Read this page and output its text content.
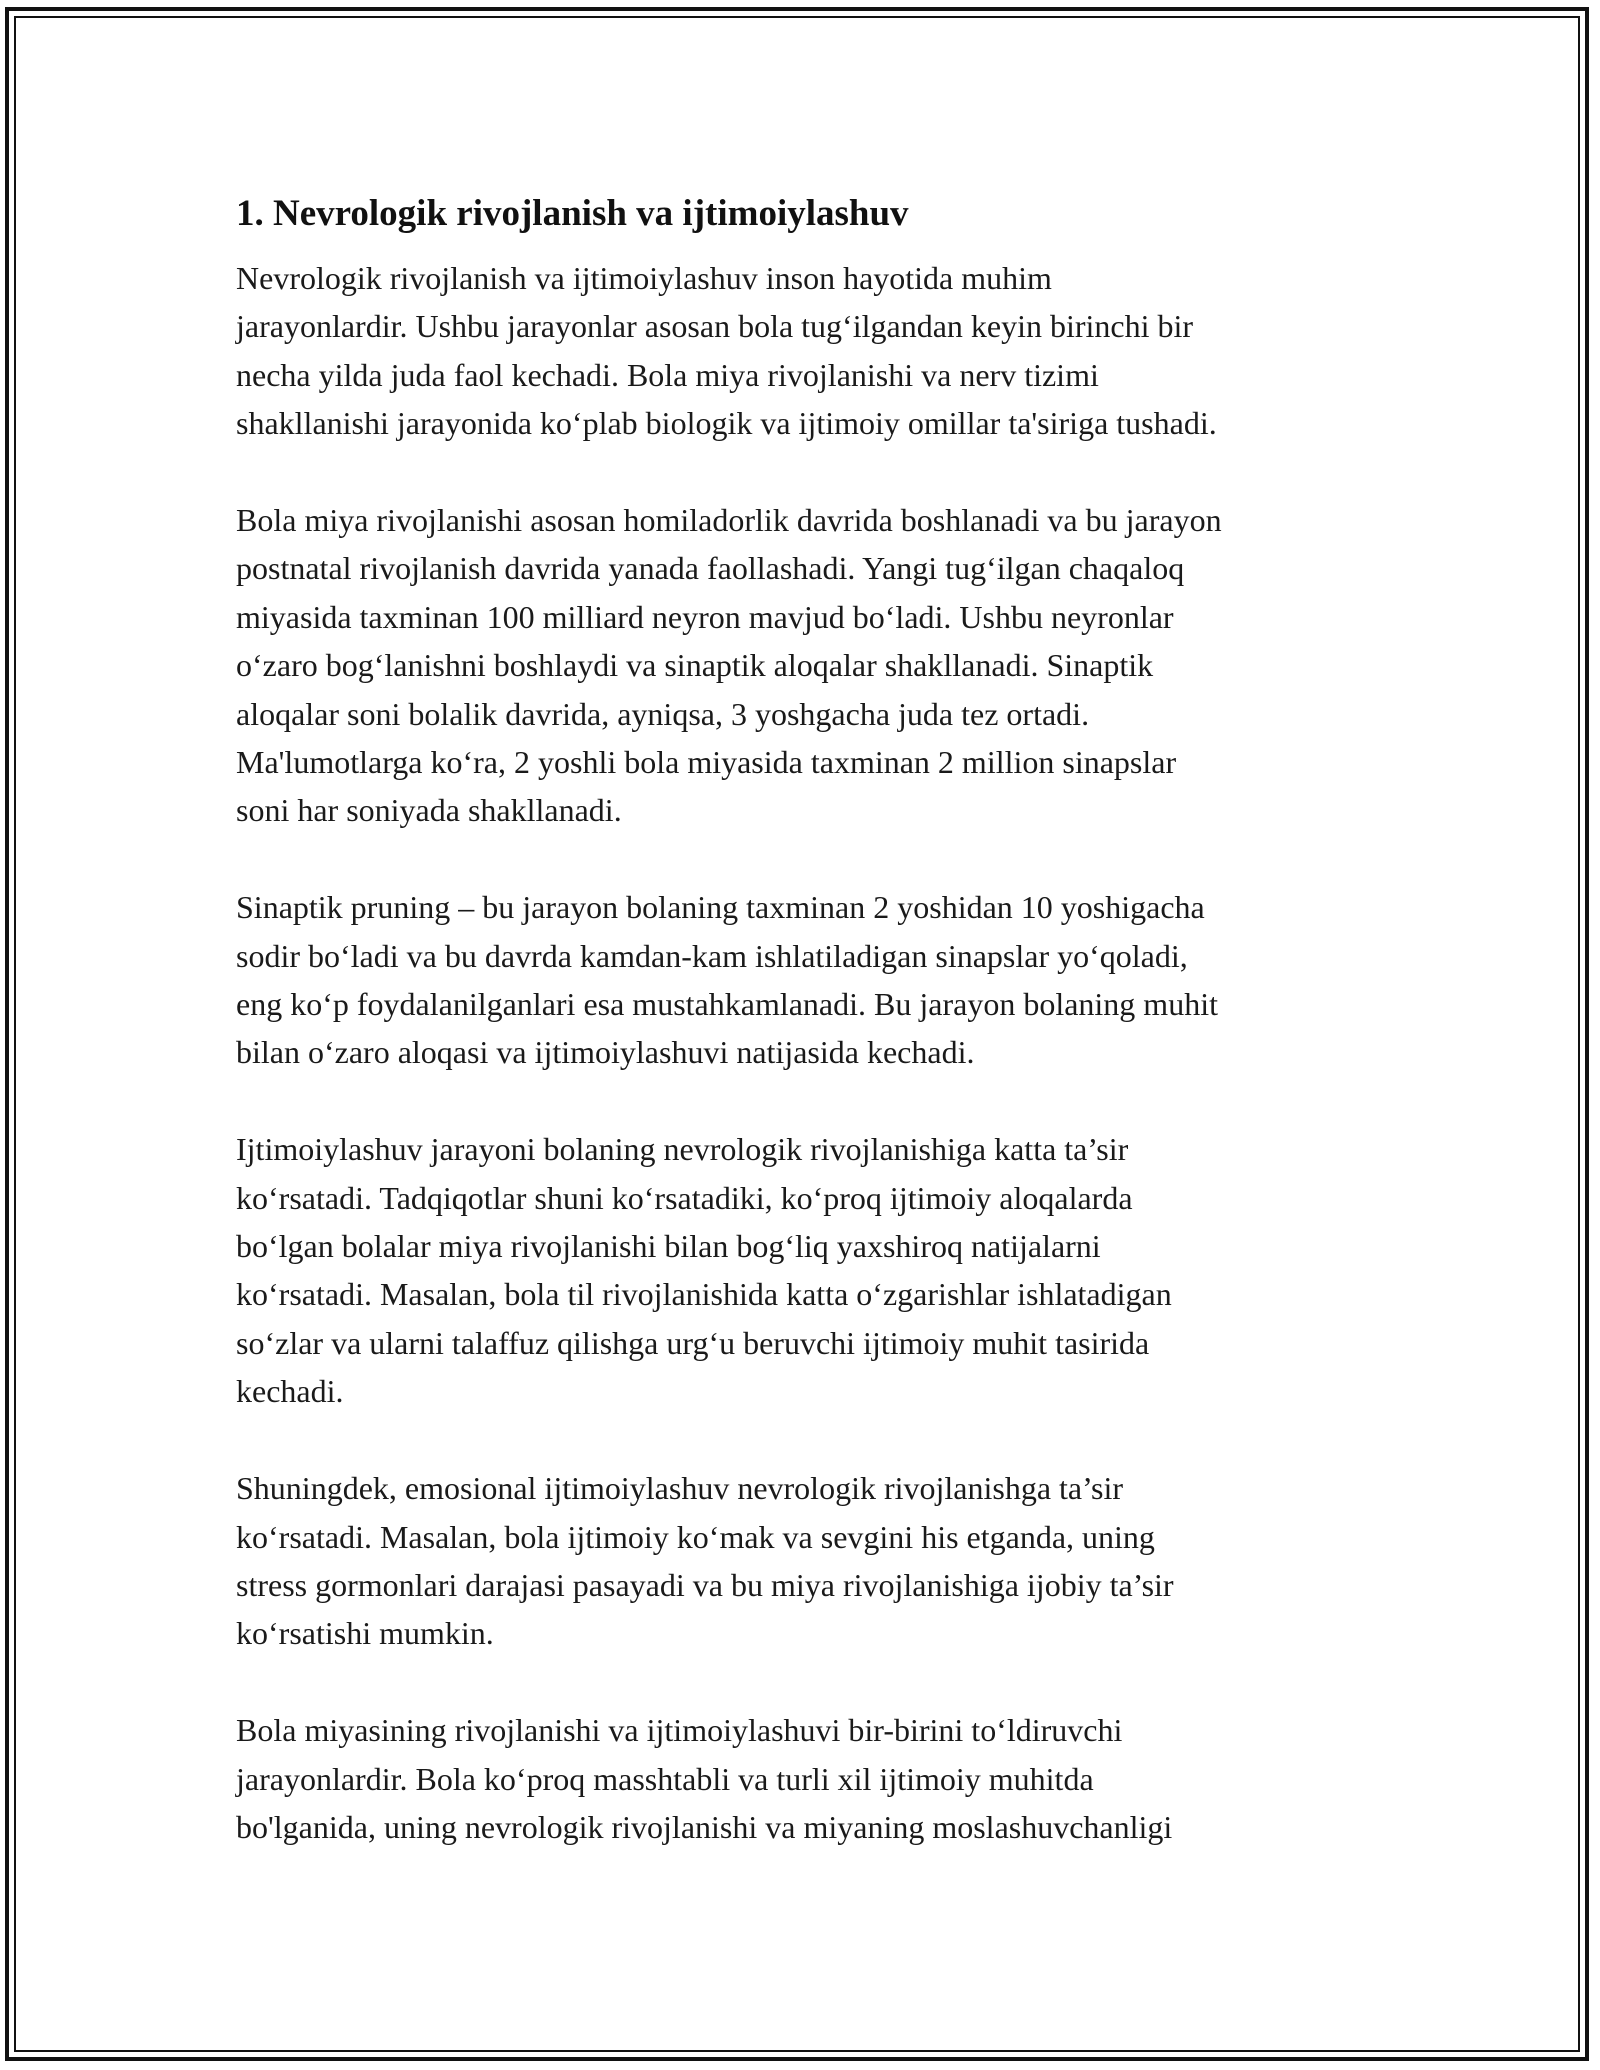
1. Nevrologik rivojlanish va ijtimoiylashuv

Nevrologik rivojlanish va ijtimoiylashuv inson hayotida muhim
jarayonlardir. Ushbu jarayonlar asosan bola tug‘ilgandan keyin birinchi bir
necha yilda juda faol kechadi. Bola miya rivojlanishi va nerv tizimi
shakllanishi jarayonida ko‘plab biologik va ijtimoiy omillar ta'siriga tushadi.

Bola miya rivojlanishi asosan homiladorlik davrida boshlanadi va bu jarayon
postnatal rivojlanish davrida yanada faollashadi. Yangi tug‘ilgan chaqaloq
miyasida taxminan 100 milliard neyron mavjud bo‘ladi. Ushbu neyronlar
o‘zaro bog‘lanishni boshlaydi va sinaptik aloqalar shakllanadi. Sinaptik
aloqalar soni bolalik davrida, ayniqsa, 3 yoshgacha juda tez ortadi.
Ma'lumotlarga ko‘ra, 2 yoshli bola miyasida taxminan 2 million sinapslar
soni har soniyada shakllanadi.

Sinaptik pruning – bu jarayon bolaning taxminan 2 yoshidan 10 yoshigacha
sodir bo‘ladi va bu davrda kamdan-kam ishlatiladigan sinapslar yo‘qoladi,
eng ko‘p foydalanilganlari esa mustahkamlanadi. Bu jarayon bolaning muhit
bilan o‘zaro aloqasi va ijtimoiylashuvi natijasida kechadi.

Ijtimoiylashuv jarayoni bolaning nevrologik rivojlanishiga katta ta’sir
ko‘rsatadi. Tadqiqotlar shuni ko‘rsatadiki, ko‘proq ijtimoiy aloqalarda
bo‘lgan bolalar miya rivojlanishi bilan bog‘liq yaxshiroq natijalarni
ko‘rsatadi. Masalan, bola til rivojlanishida katta o‘zgarishlar ishlatadigan
so‘zlar va ularni talaffuz qilishga urg‘u beruvchi ijtimoiy muhit tasirida
kechadi.

Shuningdek, emosional ijtimoiylashuv nevrologik rivojlanishga ta’sir
ko‘rsatadi. Masalan, bola ijtimoiy ko‘mak va sevgini his etganda, uning
stress gormonlari darajasi pasayadi va bu miya rivojlanishiga ijobiy ta’sir
ko‘rsatishi mumkin.

Bola miyasining rivojlanishi va ijtimoiylashuvi bir-birini to‘ldiruvchi
jarayonlardir. Bola ko‘proq masshtabli va turli xil ijtimoiy muhitda
bo'lganida, uning nevrologik rivojlanishi va miyaning moslashuvchanligi
